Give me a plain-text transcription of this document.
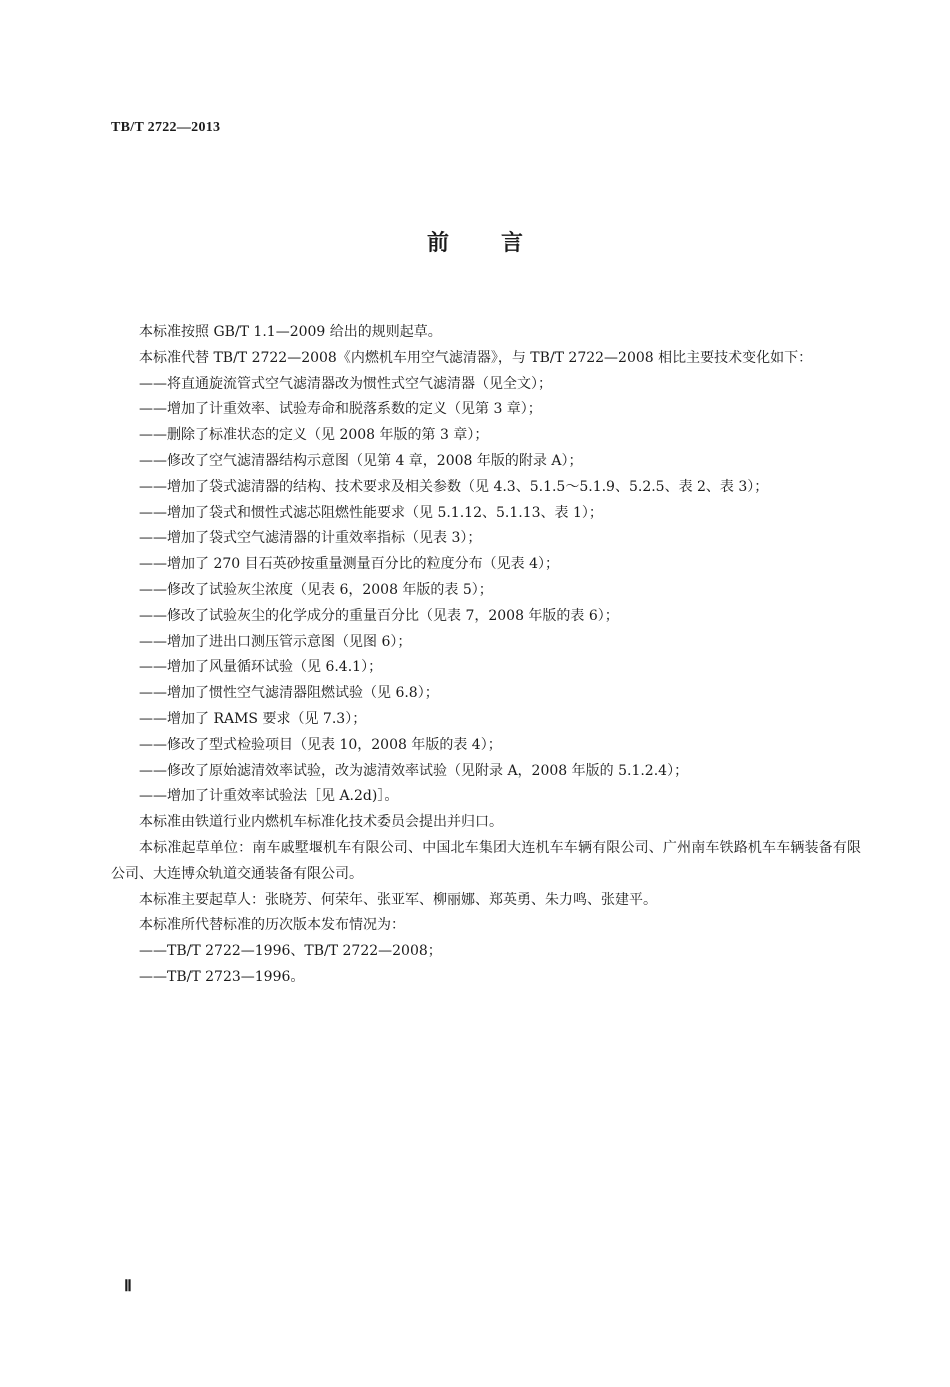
TB/T 2722—2013
前 言

本标准按照 GB/T 1.1—2009 给出的规则起草。

本标准代替 TB/T 2722—2008《内燃机车用空气滤清器》，与 TB/T 2722—2008 相比主要技术变化如下：

——将直通旋流管式空气滤清器改为惯性式空气滤清器（见全文）；

——增加了计重效率、试验寿命和脱落系数的定义（见第 3 章）；

——删除了标准状态的定义（见 2008 年版的第 3 章）；

——修改了空气滤清器结构示意图（见第 4 章，2008 年版的附录 A）；

——增加了袋式滤清器的结构、技术要求及相关参数（见 4.3、5.1.5～5.1.9、5.2.5、表 2、表 3）；

——增加了袋式和惯性式滤芯阻燃性能要求（见 5.1.12、5.1.13、表 1）；

——增加了袋式空气滤清器的计重效率指标（见表 3）；

——增加了 270 目石英砂按重量测量百分比的粒度分布（见表 4）；

——修改了试验灰尘浓度（见表 6，2008 年版的表 5）；

——修改了试验灰尘的化学成分的重量百分比（见表 7，2008 年版的表 6）；

——增加了进出口测压管示意图（见图 6）；

——增加了风量循环试验（见 6.4.1）；

——增加了惯性空气滤清器阻燃试验（见 6.8）；

——增加了 RAMS 要求（见 7.3）；

——修改了型式检验项目（见表 10，2008 年版的表 4）；

——修改了原始滤清效率试验，改为滤清效率试验（见附录 A，2008 年版的 5.1.2.4）；

——增加了计重效率试验法［见 A.2d)］。

本标准由铁道行业内燃机车标准化技术委员会提出并归口。

本标准起草单位：南车戚墅堰机车有限公司、中国北车集团大连机车车辆有限公司、广州南车铁路机车车辆装备有限公司、大连博众轨道交通装备有限公司。

本标准主要起草人：张晓芳、何荣年、张亚军、柳丽娜、郑英勇、朱力鸣、张建平。

本标准所代替标准的历次版本发布情况为：

——TB/T 2722—1996、TB/T 2722—2008；

——TB/T 2723—1996。

Ⅱ
